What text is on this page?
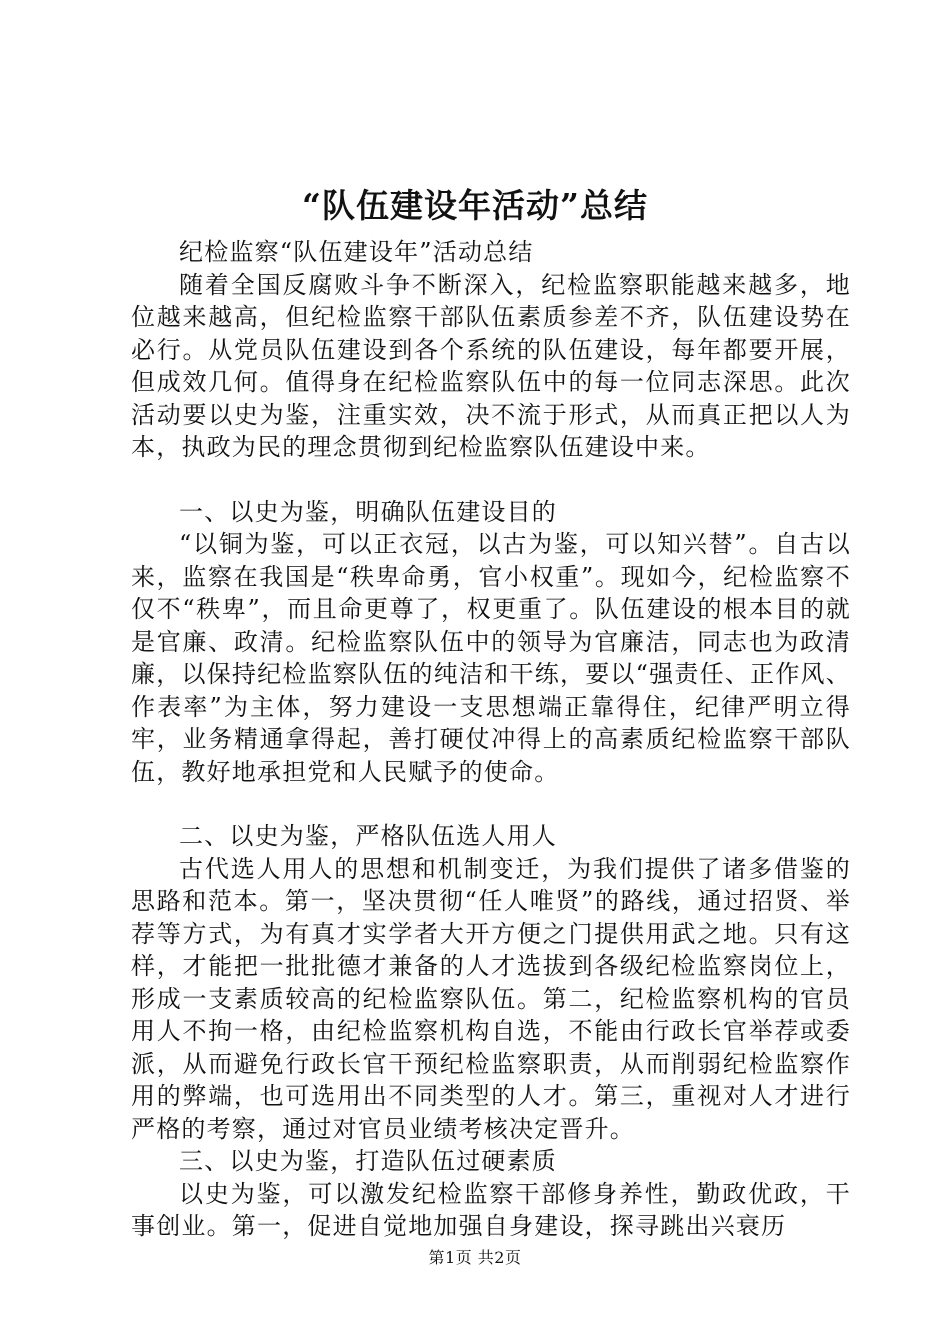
“队伍建设年活动”总结

纪检监察“队伍建设年”活动总结

随着全国反腐败斗争不断深入，纪检监察职能越来越多，地位越来越高，但纪检监察干部队伍素质参差不齐，队伍建设势在必行。从党员队伍建设到各个系统的队伍建设，每年都要开展，但成效几何。值得身在纪检监察队伍中的每一位同志深思。此次活动要以史为鉴，注重实效，决不流于形式，从而真正把以人为本，执政为民的理念贯彻到纪检监察队伍建设中来。

一、以史为鉴，明确队伍建设目的

“以铜为鉴，可以正衣冠，以古为鉴，可以知兴替”。自古以来，监察在我国是“秩卑命勇，官小权重”。现如今，纪检监察不仅不“秩卑”，而且命更尊了，权更重了。队伍建设的根本目的就是官廉、政清。纪检监察队伍中的领导为官廉洁，同志也为政清廉，以保持纪检监察队伍的纯洁和干练，要以“强责任、正作风、作表率”为主体，努力建设一支思想端正靠得住，纪律严明立得牢，业务精通拿得起，善打硬仗冲得上的高素质纪检监察干部队伍，教好地承担党和人民赋予的使命。

二、以史为鉴，严格队伍选人用人

古代选人用人的思想和机制变迁，为我们提供了诸多借鉴的思路和范本。第一，坚决贯彻“任人唯贤”的路线，通过招贤、举荐等方式，为有真才实学者大开方便之门提供用武之地。只有这样，才能把一批批德才兼备的人才选拔到各级纪检监察岗位上，形成一支素质较高的纪检监察队伍。第二，纪检监察机构的官员用人不拘一格，由纪检监察机构自选，不能由行政长官举荐或委派，从而避免行政长官干预纪检监察职责，从而削弱纪检监察作用的弊端，也可选用出不同类型的人才。第三，重视对人才进行严格的考察，通过对官员业绩考核决定晋升。

三、以史为鉴，打造队伍过硬素质

以史为鉴，可以激发纪检监察干部修身养性，勤政优政，干事创业。第一，促进自觉地加强自身建设，探寻跳出兴衰历

第1页 共2页
